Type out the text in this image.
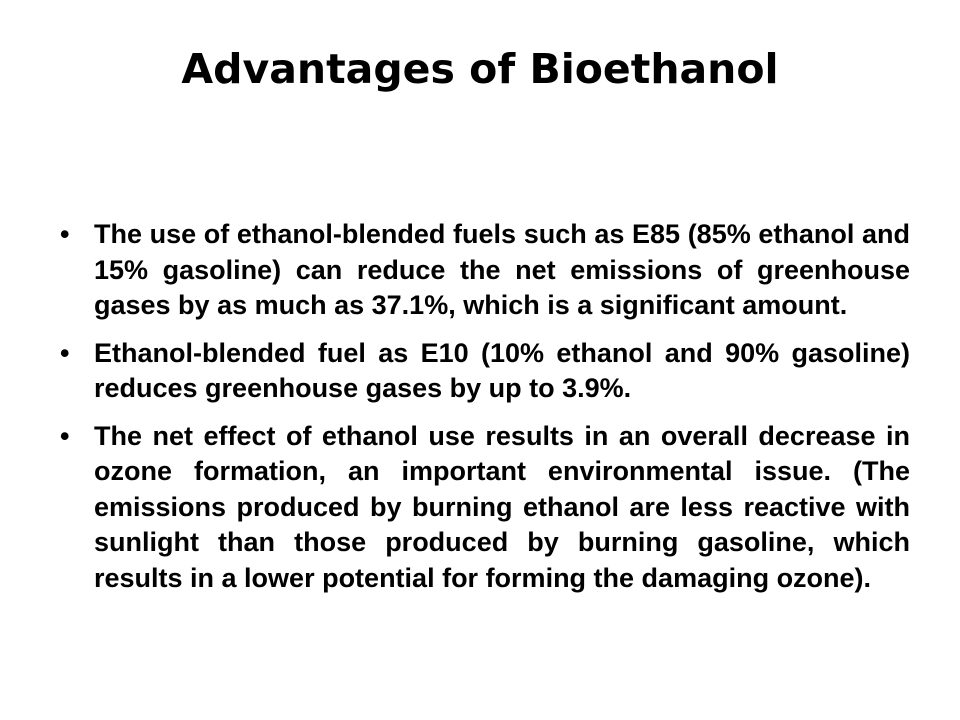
Advantages of Bioethanol
• The use of ethanol-blended fuels such as E85 (85% ethanol and 15% gasoline) can reduce the net emissions of greenhouse gases by as much as 37.1%, which is a significant amount.
• Ethanol-blended fuel as E10 (10% ethanol and 90% gasoline) reduces greenhouse gases by up to 3.9%.
• The net effect of ethanol use results in an overall decrease in ozone formation, an important environmental issue. (The emissions produced by burning ethanol are less reactive with sunlight than those produced by burning gasoline, which results in a lower potential for forming the damaging ozone).
